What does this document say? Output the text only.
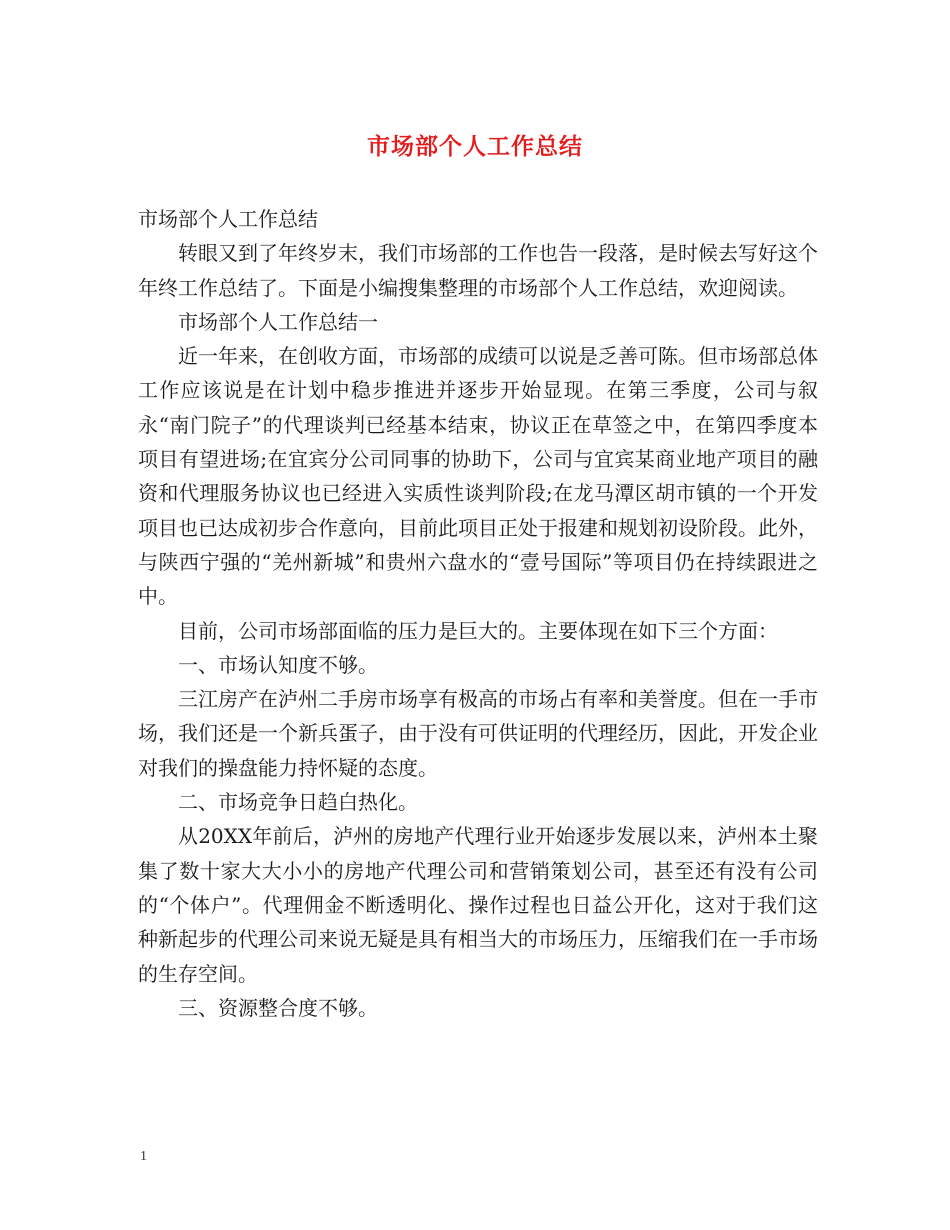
市场部个人工作总结

市场部个人工作总结

转眼又到了年终岁末，我们市场部的工作也告一段落，是时候去写好这个年终工作总结了。下面是小编搜集整理的市场部个人工作总结，欢迎阅读。

市场部个人工作总结一

近一年来，在创收方面，市场部的成绩可以说是乏善可陈。但市场部总体工作应该说是在计划中稳步推进并逐步开始显现。在第三季度，公司与叙永“南门院子”的代理谈判已经基本结束，协议正在草签之中，在第四季度本项目有望进场;在宜宾分公司同事的协助下，公司与宜宾某商业地产项目的融资和代理服务协议也已经进入实质性谈判阶段;在龙马潭区胡市镇的一个开发项目也已达成初步合作意向，目前此项目正处于报建和规划初设阶段。此外，与陕西宁强的“羌州新城”和贵州六盘水的“壹号国际”等项目仍在持续跟进之中。

目前，公司市场部面临的压力是巨大的。主要体现在如下三个方面：

一、市场认知度不够。

三江房产在泸州二手房市场享有极高的市场占有率和美誉度。但在一手市场，我们还是一个新兵蛋子，由于没有可供证明的代理经历，因此，开发企业对我们的操盘能力持怀疑的态度。

二、市场竞争日趋白热化。

从20XX年前后，泸州的房地产代理行业开始逐步发展以来，泸州本土聚集了数十家大大小小的房地产代理公司和营销策划公司，甚至还有没有公司的“个体户”。代理佣金不断透明化、操作过程也日益公开化，这对于我们这种新起步的代理公司来说无疑是具有相当大的市场压力，压缩我们在一手市场的生存空间。

三、资源整合度不够。

1
